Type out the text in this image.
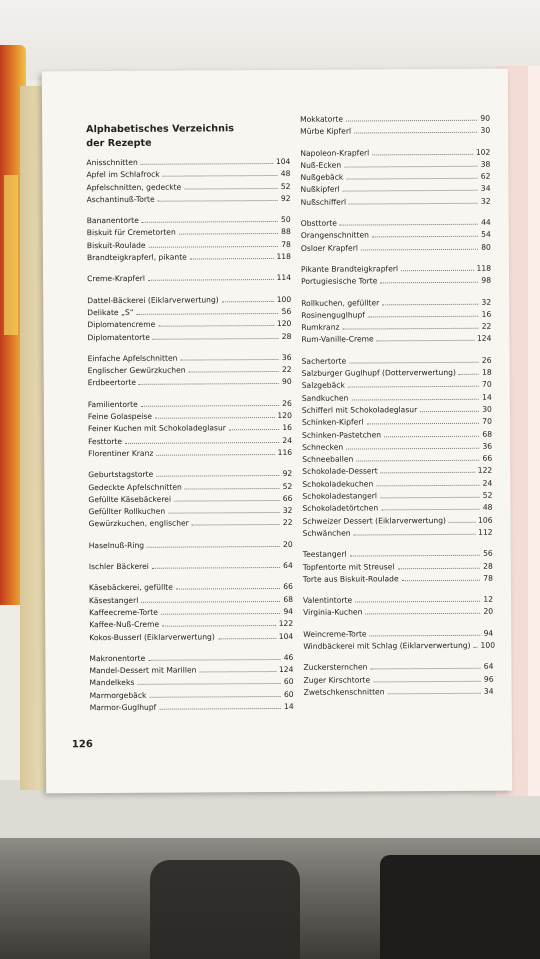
Alphabetisches Verzeichnis
der Rezepte
Anisschnitten	104
Apfel im Schlafrock	48
Apfelschnitten, gedeckte	52
Aschantinuß-Torte	92
Bananentorte	50
Biskuit für Cremetorten	88
Biskuit-Roulade	78
Brandteigkrapferl, pikante	118
Creme-Krapferl	114
Dattel-Bäckerei (Eiklarverwertung)	100
Delikate „S“	56
Diplomatencreme	120
Diplomatentorte	28
Einfache Apfelschnitten	36
Englischer Gewürzkuchen	22
Erdbeertorte	90
Familientorte	26
Feine Golaspeise	120
Feiner Kuchen mit Schokoladeglasur	16
Festtorte	24
Florentiner Kranz	116
Geburtstagstorte	92
Gedeckte Apfelschnitten	52
Gefüllte Käsebäckerei	66
Gefüllter Rollkuchen	32
Gewürzkuchen, englischer	22
Haselnuß-Ring	20
Ischler Bäckerei	64
Käsebäckerei, gefüllte	66
Käsestangerl	68
Kaffeecreme-Torte	94
Kaffee-Nuß-Creme	122
Kokos-Busserl (Eiklarverwertung)	104
Makronentorte	46
Mandel-Dessert mit Marillen	124
Mandelkeks	60
Marmorgebäck	60
Marmor-Guglhupf	14
Mokkatorte	90
Mürbe Kipferl	30
Napoleon-Krapferl	102
Nuß-Ecken	38
Nußgebäck	62
Nußkipferl	34
Nußschifferl	32
Obsttorte	44
Orangenschnitten	54
Osloer Krapferl	80
Pikante Brandteigkrapferl	118
Portugiesische Torte	98
Rollkuchen, gefüllter	32
Rosinenguglhupf	16
Rumkranz	22
Rum-Vanille-Creme	124
Sachertorte	26
Salzburger Guglhupf (Dotterverwertung)	18
Salzgebäck	70
Sandkuchen	14
Schifferl mit Schokoladeglasur	30
Schinken-Kipferl	70
Schinken-Pastetchen	68
Schnecken	36
Schneeballen	66
Schokolade-Dessert	122
Schokoladekuchen	24
Schokoladestangerl	52
Schokoladetörtchen	48
Schweizer Dessert (Eiklarverwertung)	106
Schwänchen	112
Teestangerl	56
Topfentorte mit Streusel	28
Torte aus Biskuit-Roulade	78
Valentintorte	12
Virginia-Kuchen	20
Weincreme-Torte	94
Windbäckerei mit Schlag (Eiklarverwertung) 100
Zuckersternchen	64
Zuger Kirschtorte	96
Zwetschkenschnitten	34
126
